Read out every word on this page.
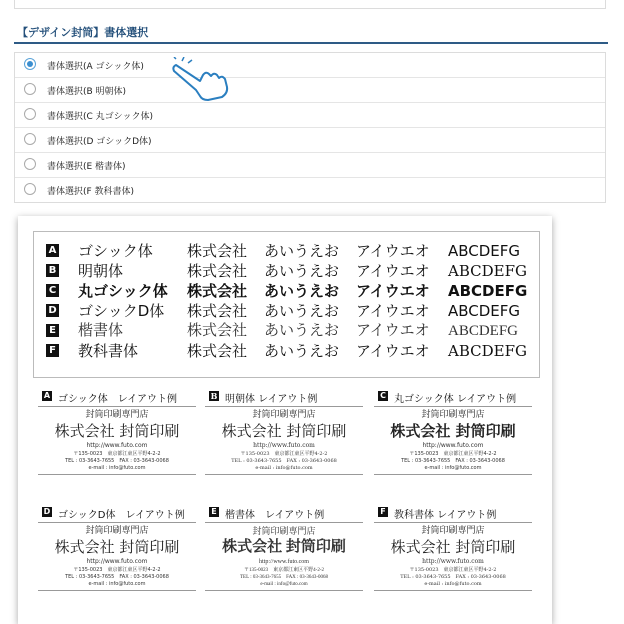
【デザイン封筒】書体選択
書体選択(A ゴシック体)
書体選択(B 明朝体)
書体選択(C 丸ゴシック体)
書体選択(D ゴシックD体)
書体選択(E 楷書体)
書体選択(F 教科書体)
A ゴシック体 株式会社 あいうえお アイウエオ ABCDEFG
B 明朝体	株式会社 あいうえお アイウエオ ABCDEFG
C 丸ゴシック体 株式会社 あいうえお アイウエオ ABCDEFG
D ゴシックD体 株式会社 あいうえお アイウエオ ABCDEFG
E 楷書体	株式会社 あいうえお アイウエオ ABCDEFG
F 教科書体	株式会社 あいうえお アイウエオ ABCDEFG
A ゴシック体　レイアウト例
封筒印刷専門店
株式会社 封筒印刷
http://www.futo.com
〒135-0023　東京都江東区平野4-2-2
TEL : 03-3643-7655　FAX : 03-3643-0068
e-mail : info@futo.com
B 明朝体 レイアウト例
封筒印刷専門店
株式会社 封筒印刷
http://www.futo.com
〒135-0023　東京都江東区平野4-2-2
TEL : 03-3643-7655　FAX : 03-3643-0068
e-mail : info@futo.com
C 丸ゴシック体 レイアウト例
封筒印刷専門店
株式会社 封筒印刷
http://www.futo.com
〒135-0023　東京都江東区平野4-2-2
TEL : 03-3643-7655　FAX : 03-3643-0068
e-mail : info@futo.com
D ゴシックD体　レイアウト例
封筒印刷専門店
株式会社 封筒印刷
http://www.futo.com
〒135-0023　東京都江東区平野4-2-2
TEL : 03-3643-7655　FAX : 03-3643-0068
e-mail : info@futo.com
E 楷書体　レイアウト例
封筒印刷専門店
株式会社 封筒印刷
http://www.futo.com
〒135-0023　東京都江東区平野4-2-2
TEL : 03-3643-7655　FAX : 03-3643-0068
e-mail : info@futo.com
F 教科書体 レイアウト例
封筒印刷専門店
株式会社 封筒印刷
http://www.futo.com
〒135-0023　東京都江東区平野4-2-2
TEL : 03-3643-7655　FAX : 03-3643-0068
e-mail : info@futo.com
